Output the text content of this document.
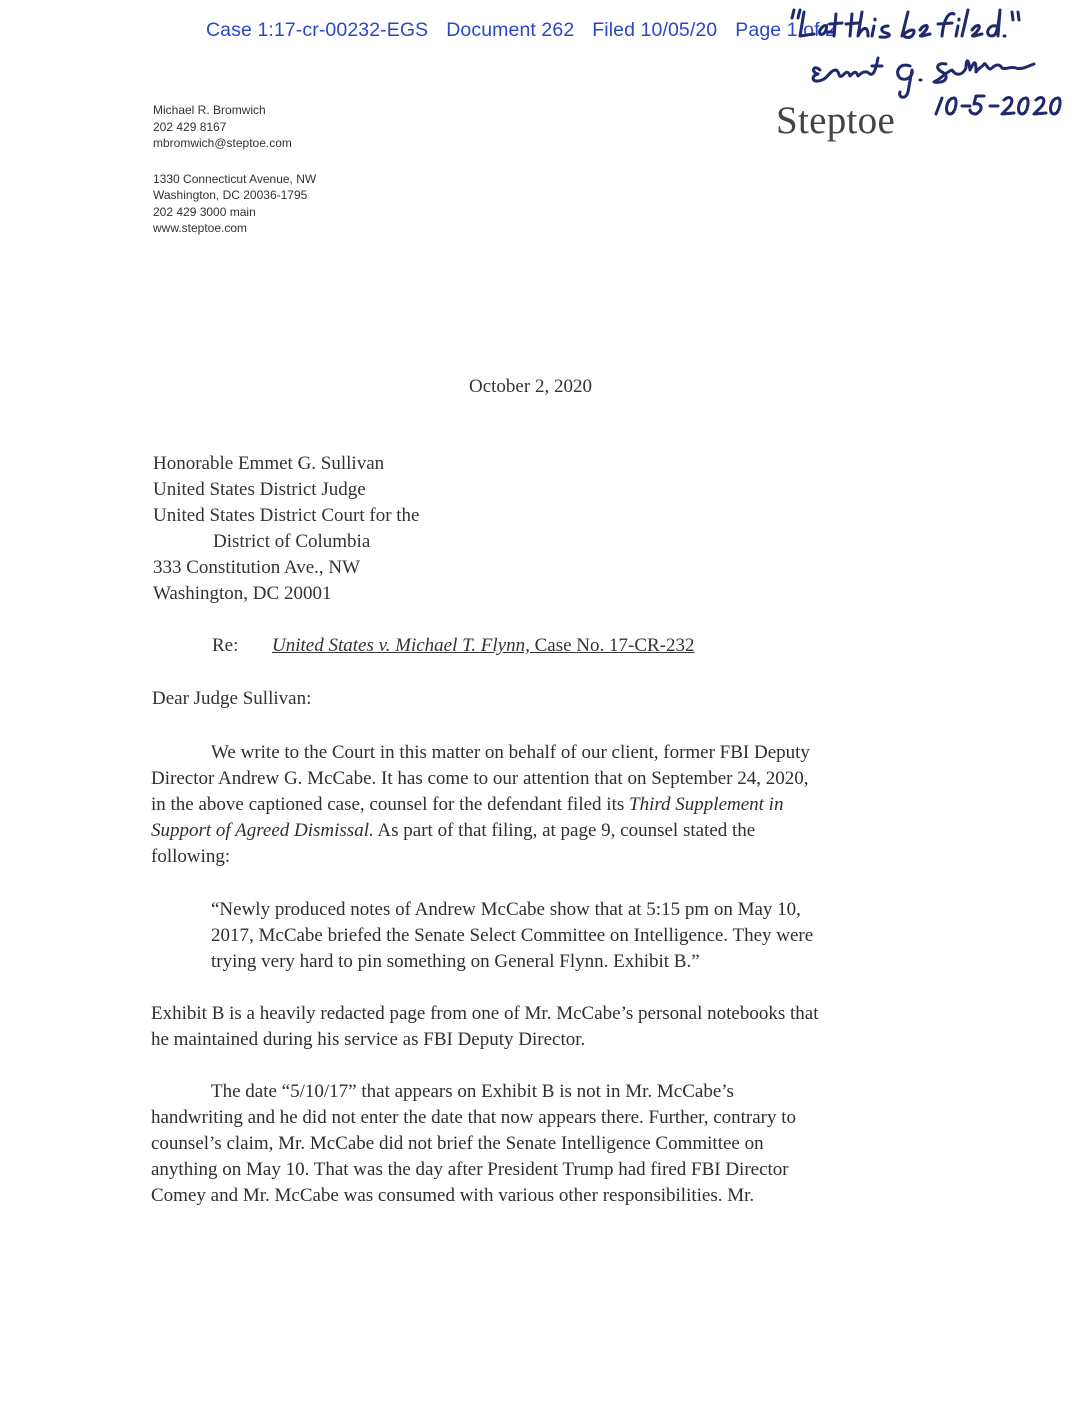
Case 1:17-cr-00232-EGS Document 262 Filed 10/05/20 Page 1 of 2
"Let this be filed."
Steptoe
Michael R. Bromwich
202 429 8167
mbromwich@steptoe.com
1330 Connecticut Avenue, NW
Washington, DC 20036-1795
202 429 3000 main
www.steptoe.com
October 2, 2020
Honorable Emmet G. Sullivan
United States District Judge
United States District Court for the
District of Columbia
333 Constitution Ave., NW
Washington, DC 20001
Re: United States v. Michael T. Flynn, Case No. 17-CR-232
Dear Judge Sullivan:
We write to the Court in this matter on behalf of our client, former FBI Deputy
Director Andrew G. McCabe. It has come to our attention that on September 24, 2020,
in the above captioned case, counsel for the defendant filed its Third Supplement in
Support of Agreed Dismissal. As part of that filing, at page 9, counsel stated the
following:
“Newly produced notes of Andrew McCabe show that at 5:15 pm on May 10,
2017, McCabe briefed the Senate Select Committee on Intelligence. They were
trying very hard to pin something on General Flynn. Exhibit B.”
Exhibit B is a heavily redacted page from one of Mr. McCabe’s personal notebooks that
he maintained during his service as FBI Deputy Director.
The date “5/10/17” that appears on Exhibit B is not in Mr. McCabe’s
handwriting and he did not enter the date that now appears there. Further, contrary to
counsel’s claim, Mr. McCabe did not brief the Senate Intelligence Committee on
anything on May 10. That was the day after President Trump had fired FBI Director
Comey and Mr. McCabe was consumed with various other responsibilities. Mr.
